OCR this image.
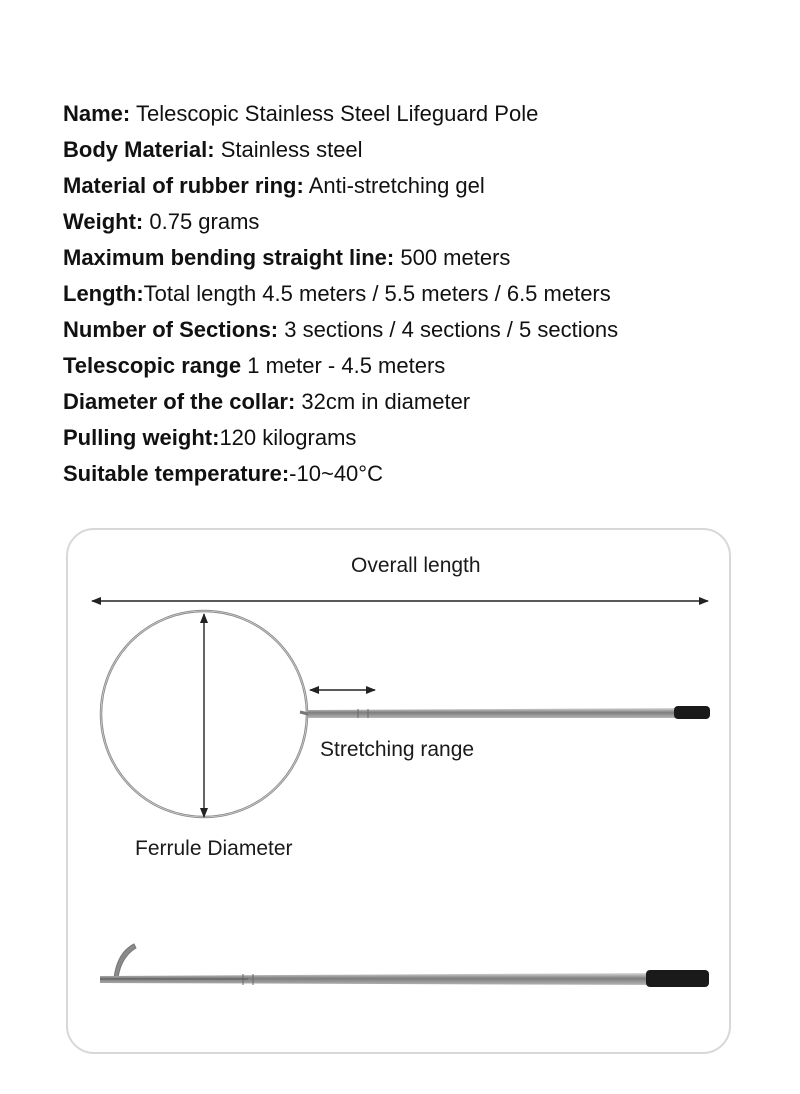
Name: Telescopic Stainless Steel Lifeguard Pole
Body Material: Stainless steel
Material of rubber ring: Anti-stretching gel
Weight: 0.75 grams
Maximum bending straight line: 500 meters
Length:Total length 4.5 meters / 5.5 meters / 6.5 meters
Number of Sections: 3 sections / 4 sections / 5 sections
Telescopic range 1 meter - 4.5 meters
Diameter of the collar: 32cm in diameter
Pulling weight:120 kilograms
Suitable temperature:-10~40°C
Overall length
Stretching range
Ferrule Diameter
